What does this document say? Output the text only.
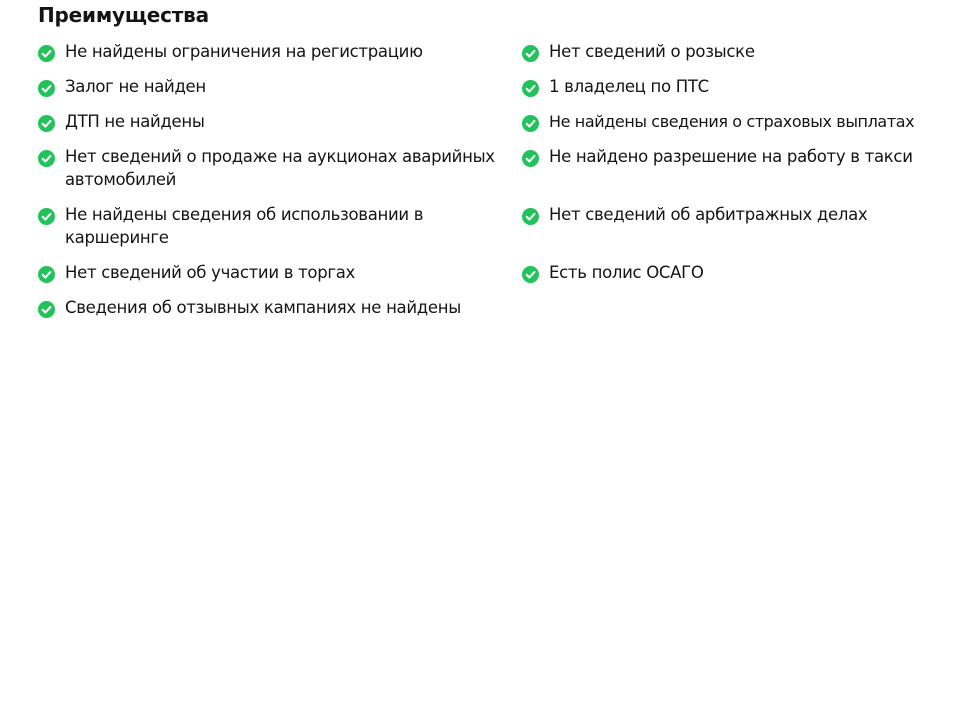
Преимущества
Не найдены ограничения на регистрацию
Залог не найден
ДТП не найдены
Нет сведений о продаже на аукционах аварийных автомобилей
Не найдены сведения об использовании в каршеринге
Нет сведений об участии в торгах
Сведения об отзывных кампаниях не найдены
Нет сведений о розыске
1 владелец по ПТС
Не найдены сведения о страховых выплатах
Не найдено разрешение на работу в такси
Нет сведений об арбитражных делах
Есть полис ОСАГО
